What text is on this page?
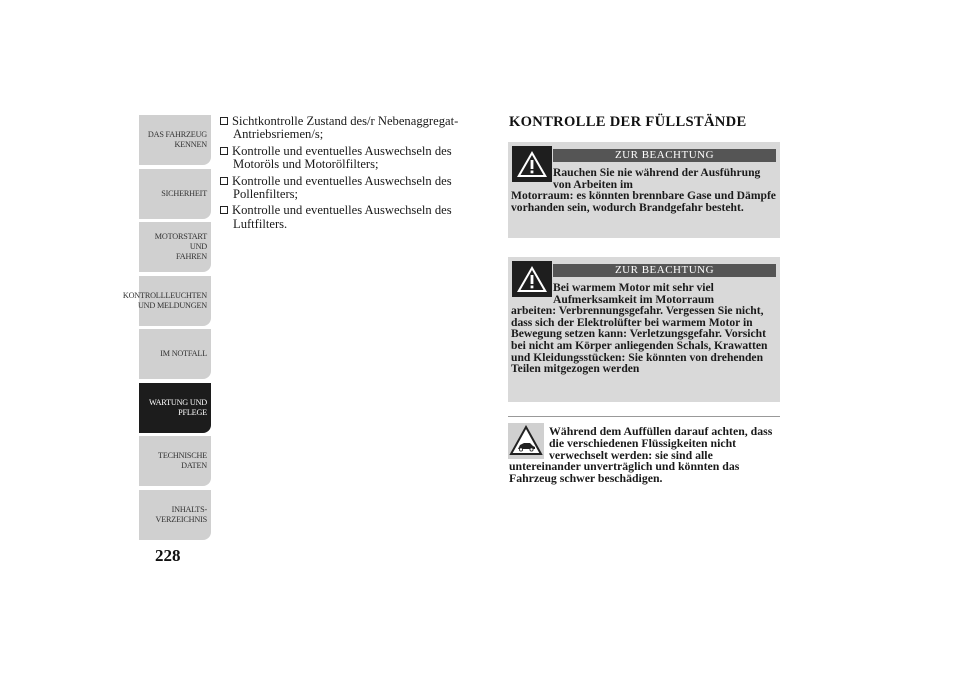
DAS FAHRZEUG
KENNEN
SICHERHEIT
MOTORSTART UND
FAHREN
KONTROLLLEUCHTEN
UND MELDUNGEN
IM NOTFALL
WARTUNG UND
PFLEGE
TECHNISCHE
DATEN
INHALTS-
VERZEICHNIS
228
Sichtkontrolle Zustand des/r Nebenaggregat-Antriebsriemen/s;
Kontrolle und eventuelles Auswechseln des Motoröls und Motorölfilters;
Kontrolle und eventuelles Auswechseln des Pollenfilters;
Kontrolle und eventuelles Auswechseln des Luftfilters.
KONTROLLE DER FÜLLSTÄNDE
ZUR BEACHTUNG
Rauchen Sie nie während der Ausführung von Arbeiten im
Motorraum: es könnten brennbare Gase und Dämpfe vorhanden sein, wodurch Brandgefahr besteht.
ZUR BEACHTUNG
Bei warmem Motor mit sehr viel Aufmerksamkeit im Motorraum
arbeiten: Verbrennungsgefahr. Vergessen Sie nicht, dass sich der Elektrolüfter bei warmem Motor in Bewegung setzen kann: Verletzungsgefahr. Vorsicht bei nicht am Körper anliegenden Schals, Krawatten und Kleidungsstücken: Sie könnten von drehenden Teilen mitgezogen werden
Während dem Auffüllen darauf achten, dass die verschiedenen Flüssigkeiten nicht verwechselt werden: sie sind alle
untereinander unverträglich und könnten das Fahrzeug schwer beschädigen.
